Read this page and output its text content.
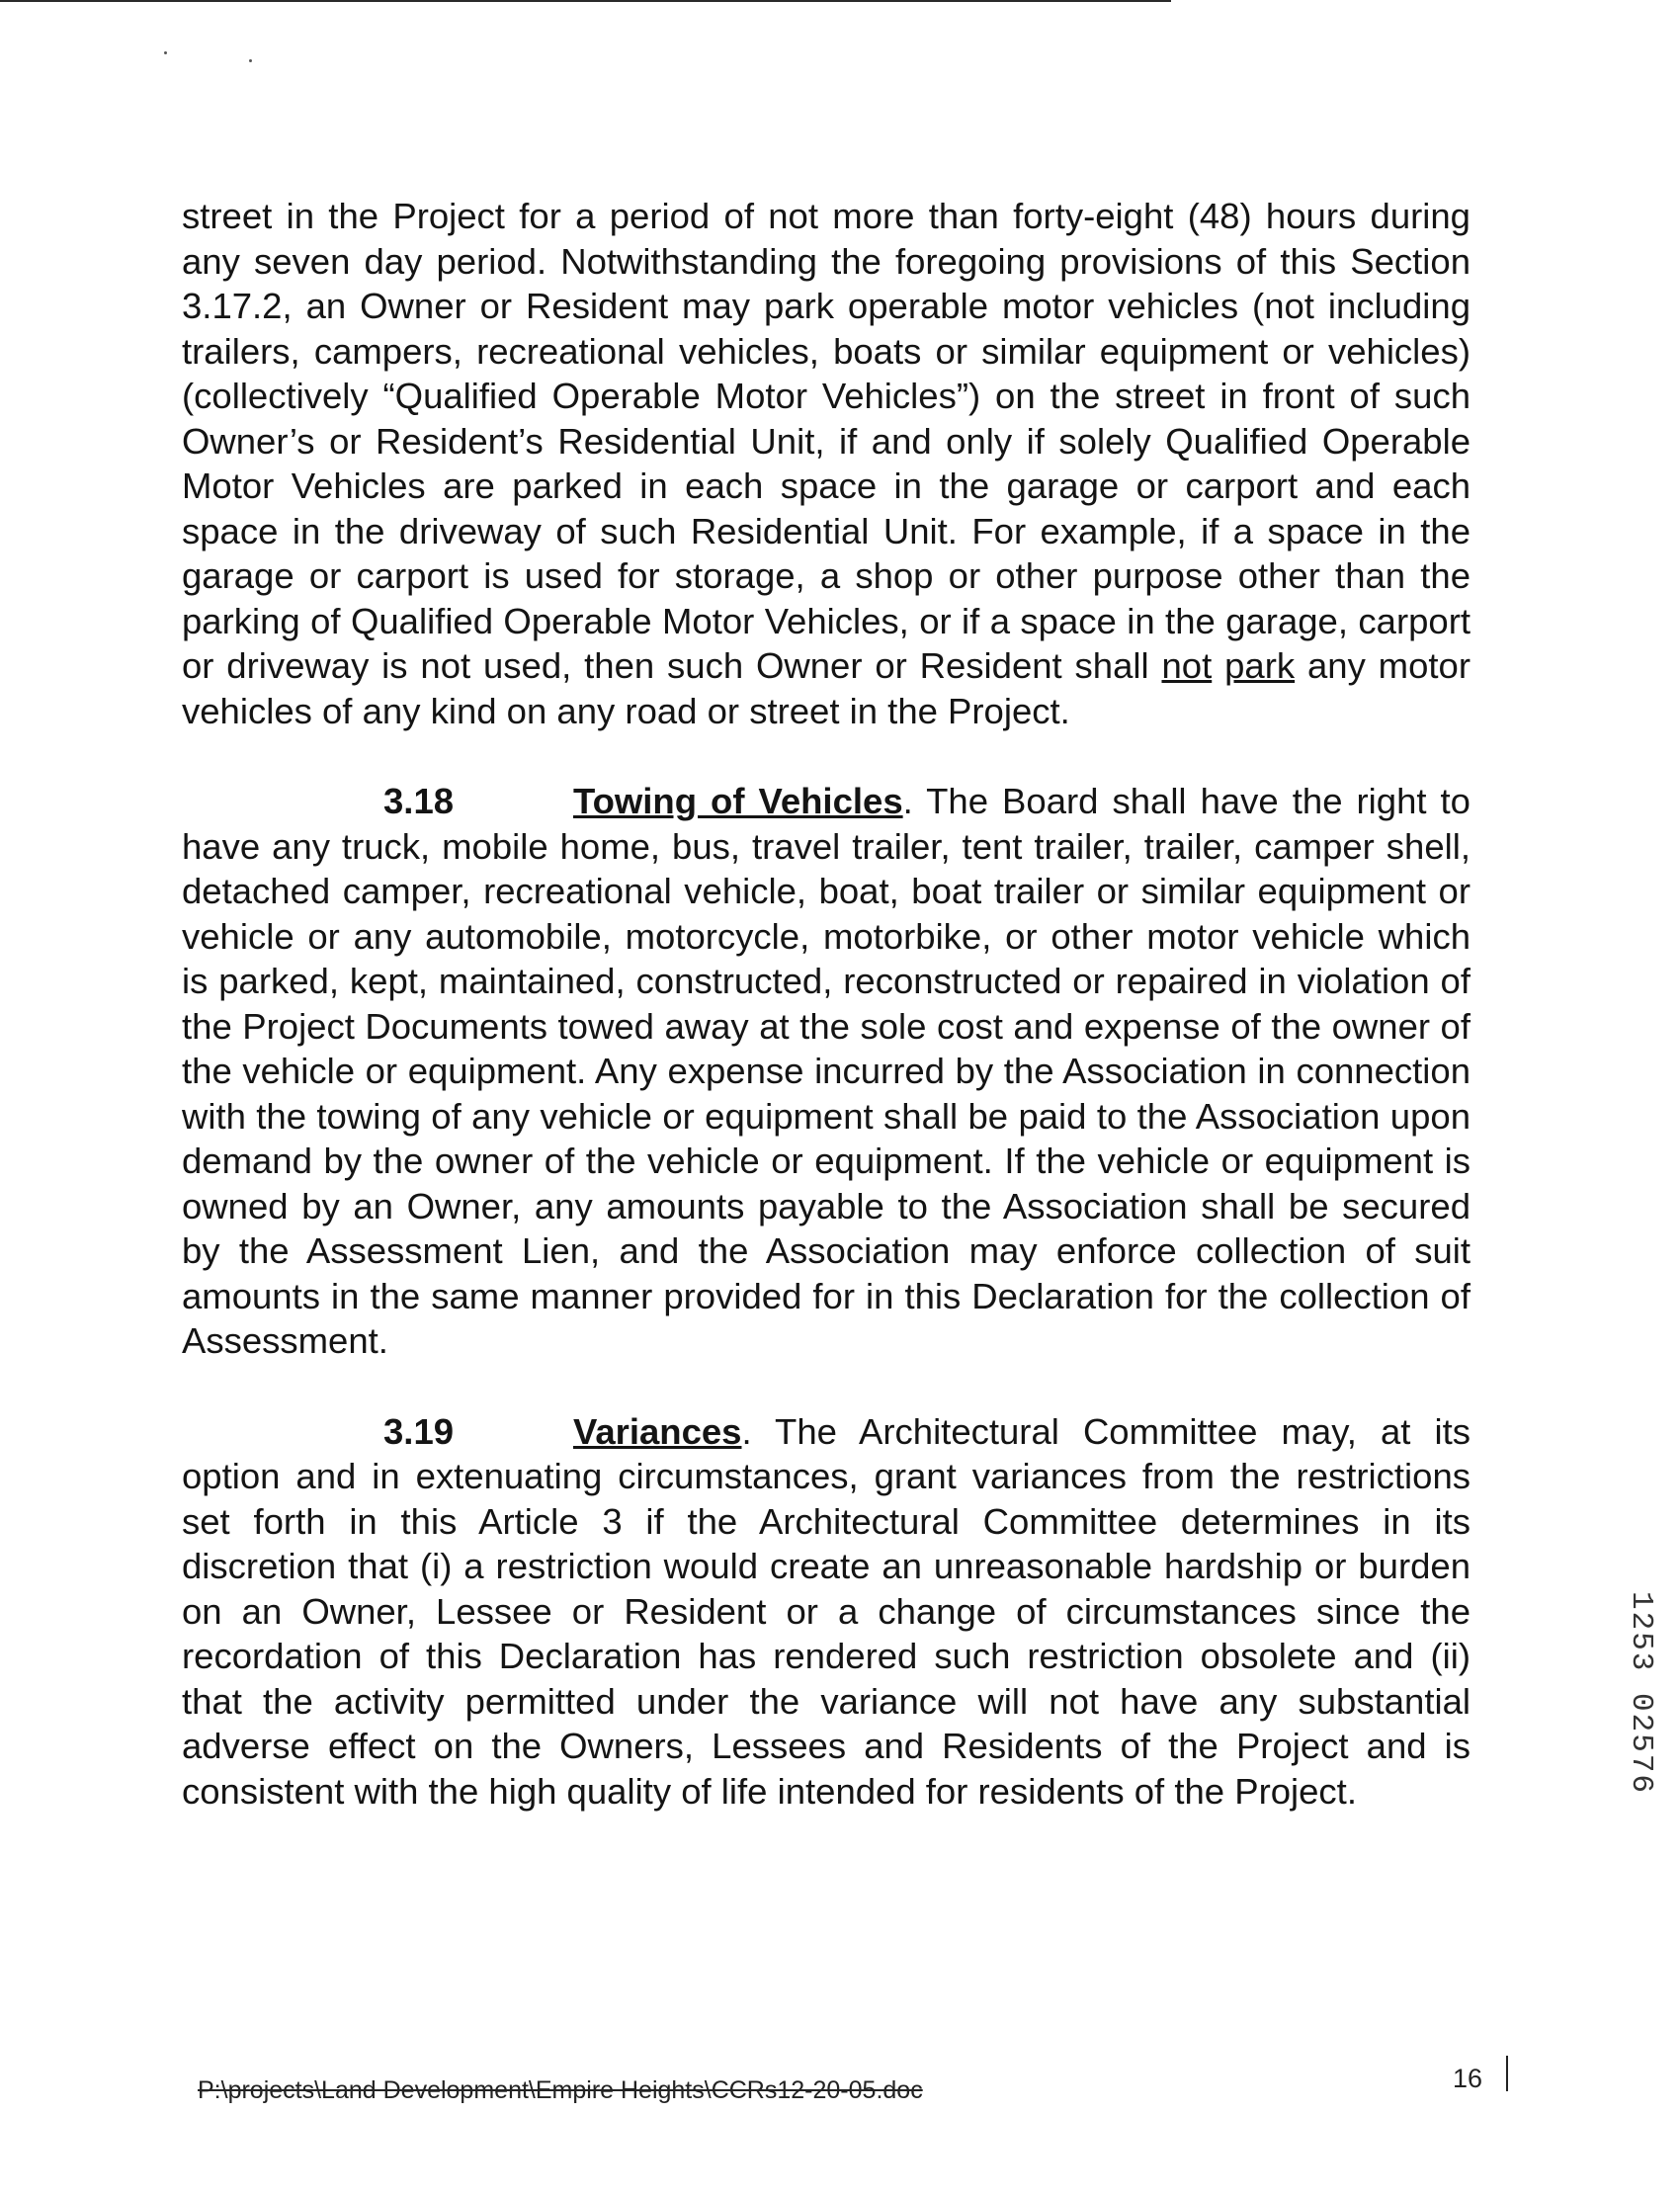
street in the Project for a period of not more than forty-eight (48) hours during any seven day period. Notwithstanding the foregoing provisions of this Section 3.17.2, an Owner or Resident may park operable motor vehicles (not including trailers, campers, recreational vehicles, boats or similar equipment or vehicles) (collectively “Qualified Operable Motor Vehicles”) on the street in front of such Owner’s or Resident’s Residential Unit, if and only if solely Qualified Operable Motor Vehicles are parked in each space in the garage or carport and each space in the driveway of such Residential Unit. For example, if a space in the garage or carport is used for storage, a shop or other purpose other than the parking of Qualified Operable Motor Vehicles, or if a space in the garage, carport or driveway is not used, then such Owner or Resident shall not park any motor vehicles of any kind on any road or street in the Project.

3.18	Towing of Vehicles. The Board shall have the right to have any truck, mobile home, bus, travel trailer, tent trailer, trailer, camper shell, detached camper, recreational vehicle, boat, boat trailer or similar equipment or vehicle or any automobile, motorcycle, motorbike, or other motor vehicle which is parked, kept, maintained, constructed, reconstructed or repaired in violation of the Project Documents towed away at the sole cost and expense of the owner of the vehicle or equipment. Any expense incurred by the Association in connection with the towing of any vehicle or equipment shall be paid to the Association upon demand by the owner of the vehicle or equipment. If the vehicle or equipment is owned by an Owner, any amounts payable to the Association shall be secured by the Assessment Lien, and the Association may enforce collection of suit amounts in the same manner provided for in this Declaration for the collection of Assessment.

3.19	Variances. The Architectural Committee may, at its option and in extenuating circumstances, grant variances from the restrictions set forth in this Article 3 if the Architectural Committee determines in its discretion that (i) a restriction would create an unreasonable hardship or burden on an Owner, Lessee or Resident or a change of circumstances since the recordation of this Declaration has rendered such restriction obsolete and (ii) that the activity permitted under the variance will not have any substantial adverse effect on the Owners, Lessees and Residents of the Project and is consistent with the high quality of life intended for residents of the Project.	1253 02576
P:\projects\Land Development\Empire Heights\CCRs12-20-05.doc	16
